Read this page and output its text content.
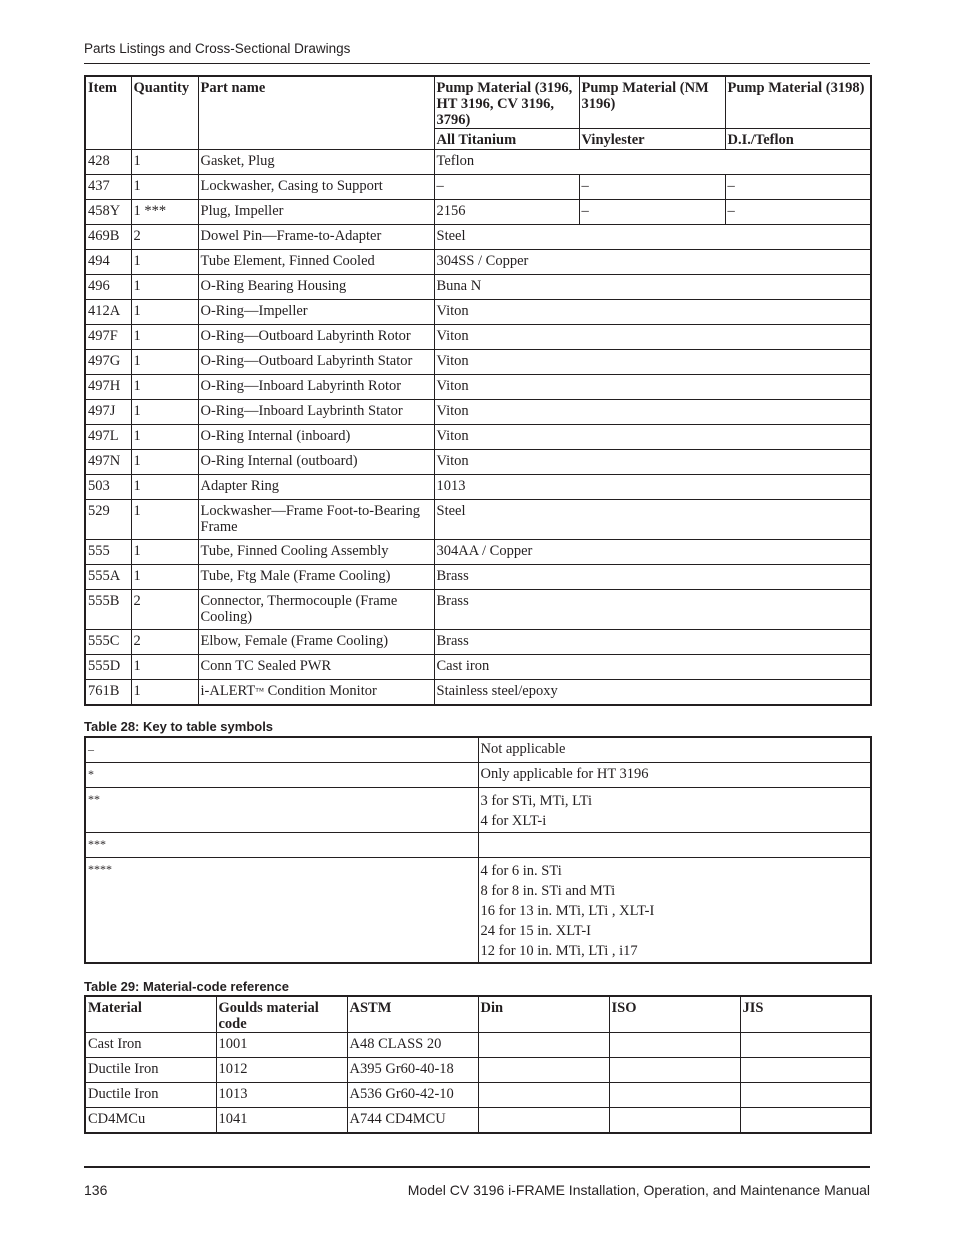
Parts Listings and Cross-Sectional Drawings
Item	Quantity	Part name	Pump Material (3196, HT 3196, CV 3196, 3796)	Pump Material (NM 3196)	Pump Material (3198)
			All Titanium	Vinylester	D.I./Teflon
428	1	Gasket, Plug	Teflon		
437	1	Lockwasher, Casing to Support	–	–	–
458Y	1 ***	Plug, Impeller	2156	–	–
469B	2	Dowel Pin—Frame-to-Adapter	Steel		
494	1	Tube Element, Finned Cooled	304SS / Copper		
496	1	O-Ring Bearing Housing	Buna N		
412A	1	O-Ring—Impeller	Viton		
497F	1	O-Ring—Outboard Labyrinth Rotor	Viton		
497G	1	O-Ring—Outboard Labyrinth Stator	Viton		
497H	1	O-Ring—Inboard Labyrinth Rotor	Viton		
497J	1	O-Ring—Inboard Laybrinth Stator	Viton		
497L	1	O-Ring Internal (inboard)	Viton		
497N	1	O-Ring Internal (outboard)	Viton		
503	1	Adapter Ring	1013		
529	1	Lockwasher—Frame Foot-to-Bearing Frame	Steel		
555	1	Tube, Finned Cooling Assembly	304AA / Copper		
555A	1	Tube, Ftg Male (Frame Cooling)	Brass		
555B	2	Connector, Thermocouple (Frame Cooling)	Brass		
555C	2	Elbow, Female (Frame Cooling)	Brass		
555D	1	Conn TC Sealed PWR	Cast iron		
761B	1	i-ALERT™ Condition Monitor	Stainless steel/epoxy		
Table 28: Key to table symbols
–	Not applicable
*	Only applicable for HT 3196
**	3 for STi, MTi, LTi
4 for XLT-i

***	
****	4 for 6 in. STi
8 for 8 in. STi and MTi
16 for 13 in. MTi, LTi , XLT-I
24 for 15 in. XLT-I
12 for 10 in. MTi, LTi , i17
Table 29: Material-code reference
Material	Goulds material code	ASTM	Din	ISO	JIS
Cast Iron	1001	A48 CLASS 20			
Ductile Iron	1012	A395 Gr60-40-18			
Ductile Iron	1013	A536 Gr60-42-10			
CD4MCu	1041	A744 CD4MCU			
136	Model CV 3196 i-FRAME Installation, Operation, and Maintenance Manual
